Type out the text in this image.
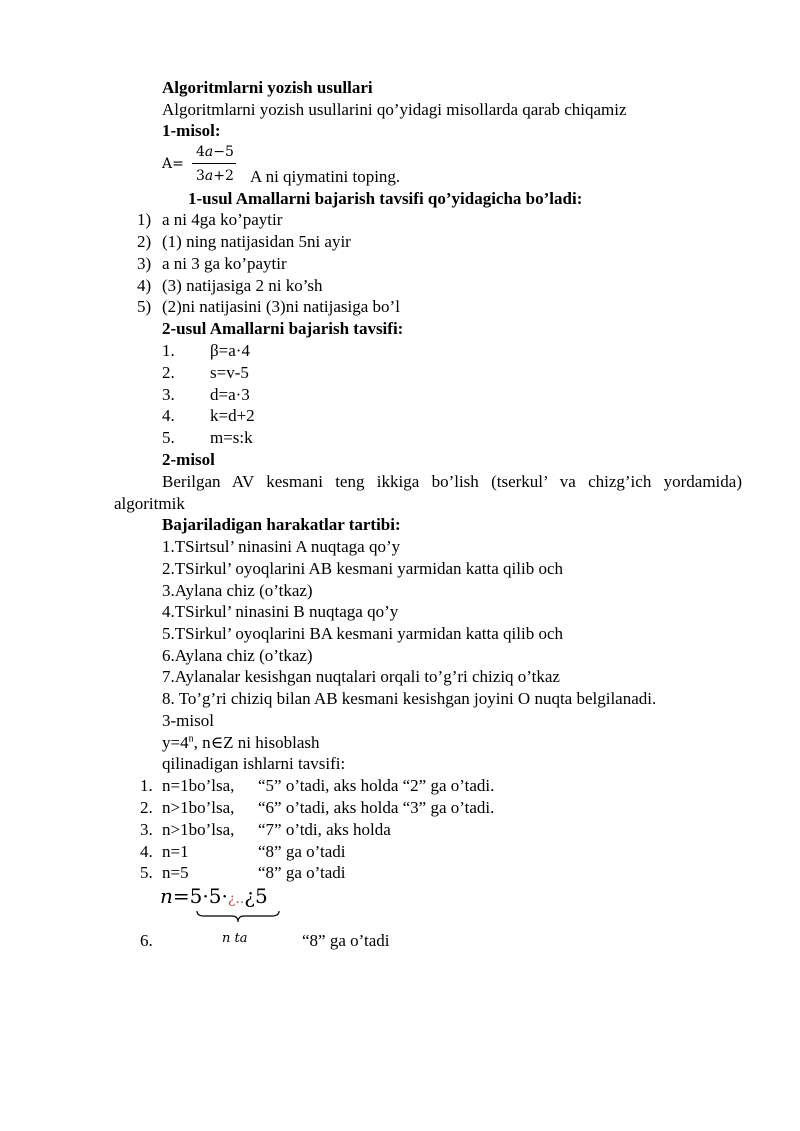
Algoritmlarni yozish usullari
Algoritmlarni yozish usullarini qo’yidagi misollarda qarab chiqamiz
1-misol:
A=
4𝑎−5
3𝑎+2 A ni qiymatini toping.
1-usul Amallarni bajarish tavsifi qo’yidagicha bo’ladi:
1) a ni 4ga ko’paytir
2) (1) ning natijasidan 5ni ayir
3) a ni 3 ga ko’paytir
4) (3) natijasiga 2 ni ko’sh
5) (2)ni natijasini (3)ni natijasiga bo’l
2-usul Amallarni bajarish tavsifi:
1. β=a·4
2. s=v-5
3. d=a·3
4. k=d+2
5. m=s:k
2-misol
Berilgan AV kesmani teng ikkiga bo’lish (tserkul’ va chizg’ich yordamida)
algoritmik
Bajariladigan harakatlar tartibi:
1.TSirtsul’ ninasini A nuqtaga qo’y
2.TSirkul’ oyoqlarini AB kesmani yarmidan katta qilib och
3.Aylana chiz (o’tkaz)
4.TSirkul’ ninasini B nuqtaga qo’y
5.TSirkul’ oyoqlarini BA kesmani yarmidan katta qilib och
6.Aylana chiz (o’tkaz)
7.Aylanalar kesishgan nuqtalari orqali to’g’ri chiziq o’tkaz
8. To’g’ri chiziq bilan AB kesmani kesishgan joyini O nuqta belgilanadi.
3-misol
$y=4^n$, n∈Z ni hisoblash
qilinadigan ishlarni tavsifi:
1. n=1bo’lsa, “5” o’tadi, aks holda “2” ga o’tadi.
2. n>1bo’lsa, “6” o’tadi, aks holda “3” ga o’tadi.
3. n>1bo’lsa, “7” o’tdi, aks holda
4. n=1	“8” ga o’tadi
5. n=5	“8” ga o’tadi
𝑛=5·5·¿..¿5
n ta
6.	“8” ga o’tadi
